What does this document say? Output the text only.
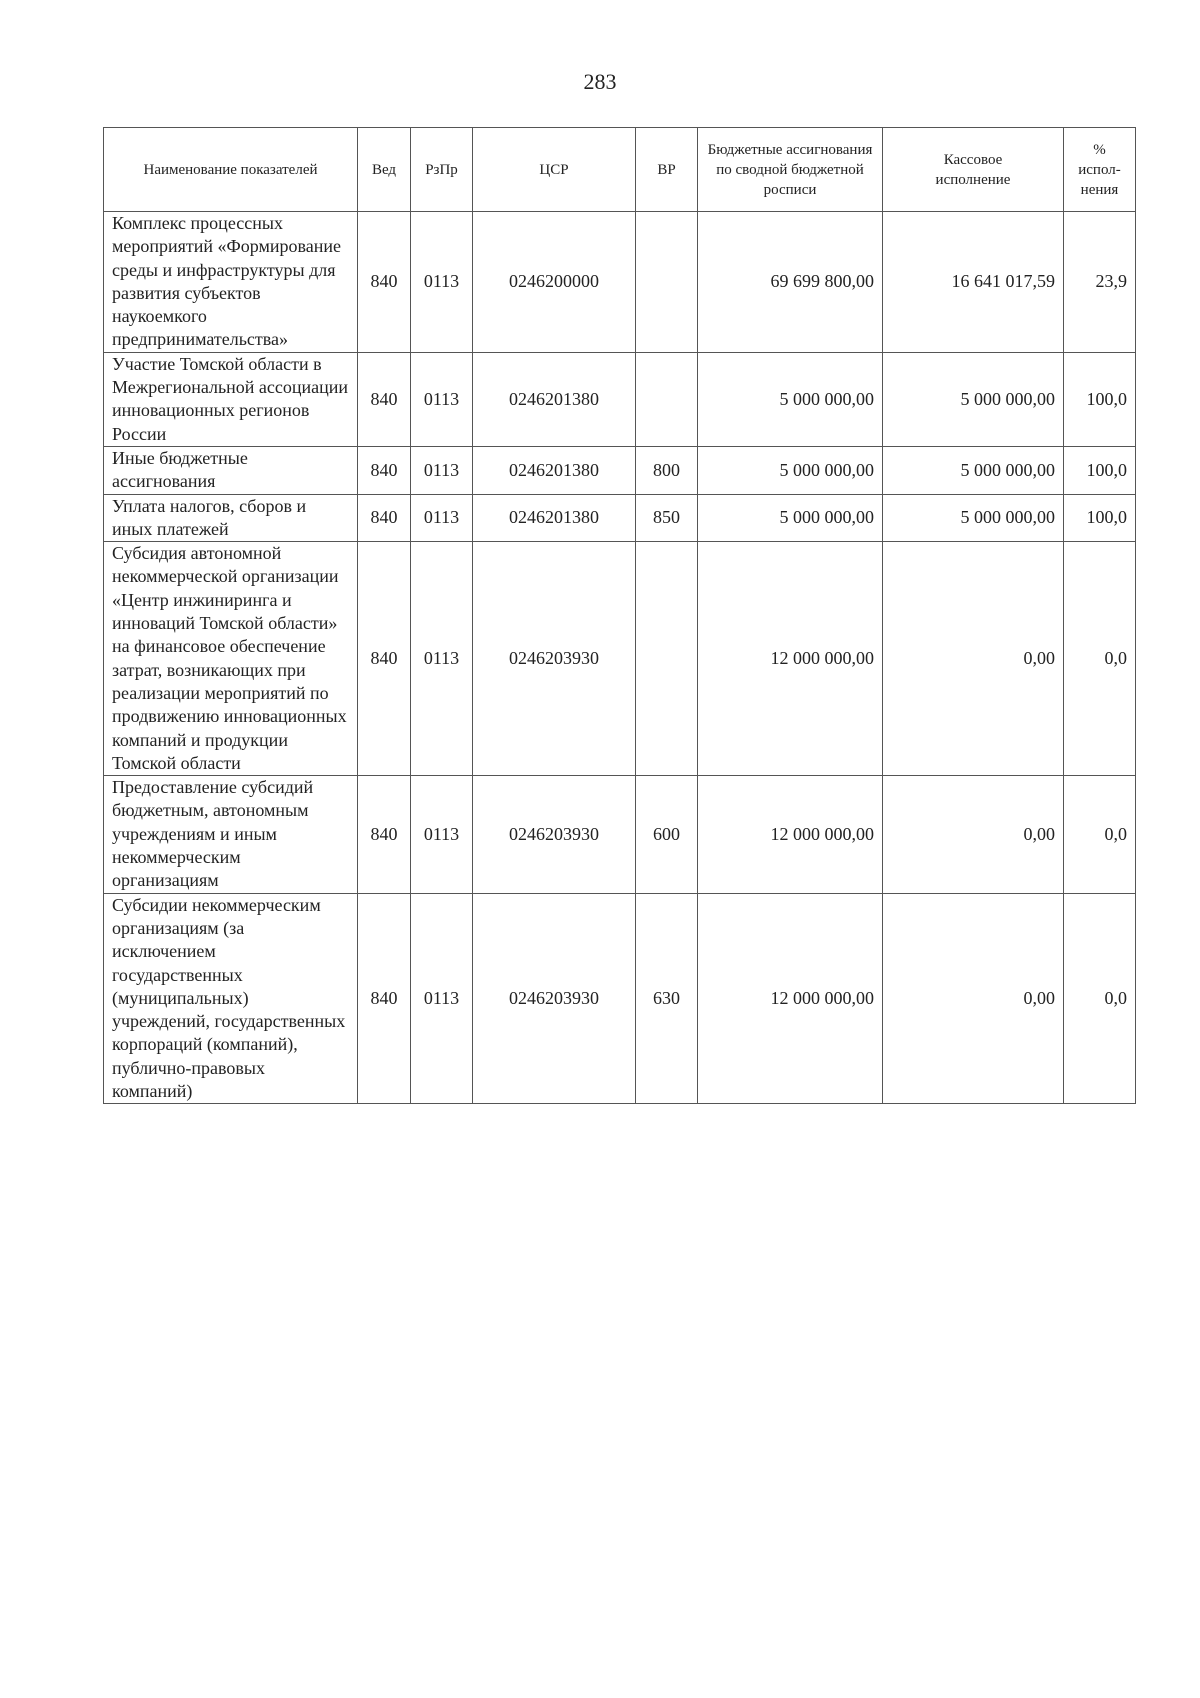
283
Наименование показателей	Вед	РзПр	ЦСР	ВР	Бюджетные ассигнования по сводной бюджетной росписи	Кассовое исполнение	% испол-нения
Комплекс процессных мероприятий «Формирование среды и инфраструктуры для развития субъектов наукоемкого предпринимательства»	840	0113	0246200000		69 699 800,00	16 641 017,59	23,9
Участие Томской области в Межрегиональной ассоциации инновационных регионов России	840	0113	0246201380		5 000 000,00	5 000 000,00	100,0
Иные бюджетные ассигнования	840	0113	0246201380	800	5 000 000,00	5 000 000,00	100,0
Уплата налогов, сборов и иных платежей	840	0113	0246201380	850	5 000 000,00	5 000 000,00	100,0
Субсидия автономной некоммерческой организации «Центр инжиниринга и инноваций Томской области» на финансовое обеспечение затрат, возникающих при реализации мероприятий по продвижению инновационных компаний и продукции Томской области	840	0113	0246203930		12 000 000,00	0,00	0,0
Предоставление субсидий бюджетным, автономным учреждениям и иным некоммерческим организациям	840	0113	0246203930	600	12 000 000,00	0,00	0,0
Субсидии некоммерческим организациям (за исключением государственных (муниципальных) учреждений, государственных корпораций (компаний), публично-правовых компаний)	840	0113	0246203930	630	12 000 000,00	0,00	0,0
